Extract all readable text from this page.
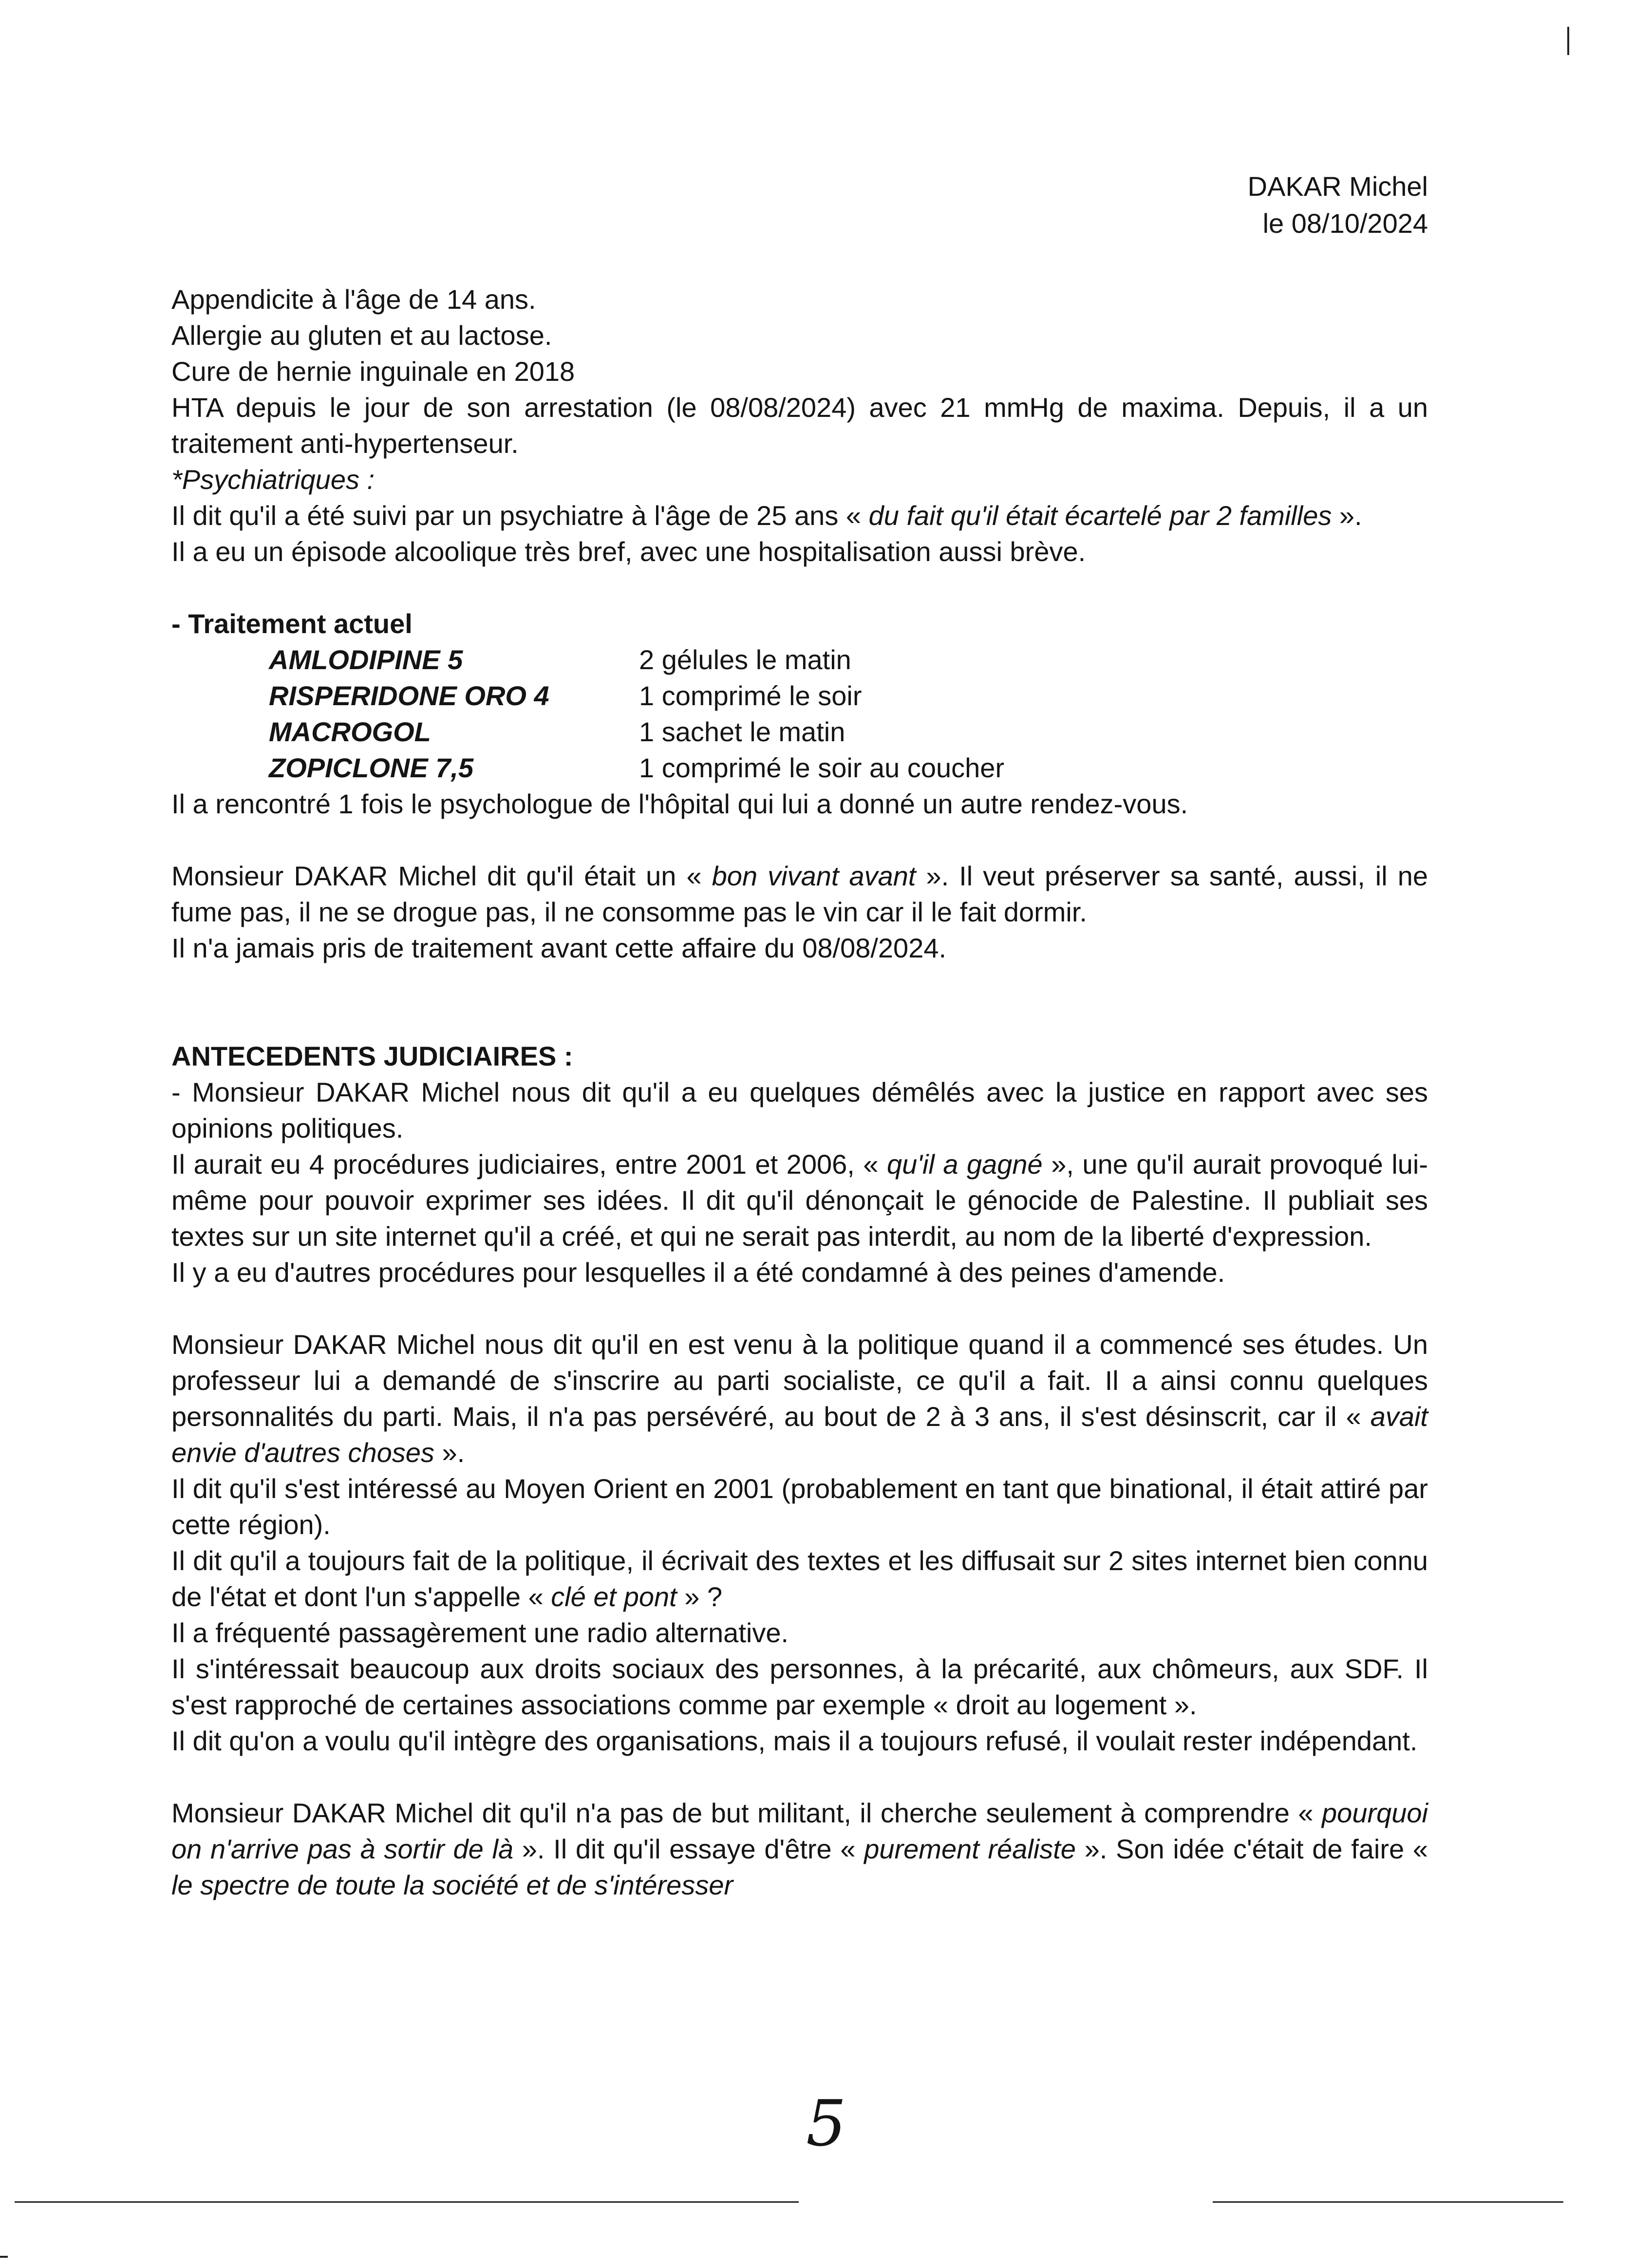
DAKAR Michel
le 08/10/2024

Appendicite à l'âge de 14 ans.

Allergie au gluten et au lactose.

Cure de hernie inguinale en 2018

HTA depuis le jour de son arrestation (le 08/08/2024) avec 21 mmHg de maxima. Depuis, il a un traitement anti-hypertenseur.

*Psychiatriques :

Il dit qu'il a été suivi par un psychiatre à l'âge de 25 ans « du fait qu'il était écartelé par 2 familles ».

Il a eu un épisode alcoolique très bref, avec une hospitalisation aussi brève.

- Traitement actuel

AMLODIPINE 5	2 gélules le matin
RISPERIDONE ORO 4	1 comprimé le soir
MACROGOL	1 sachet le matin
ZOPICLONE 7,5	1 comprimé le soir au coucher

Il a rencontré 1 fois le psychologue de l'hôpital qui lui a donné un autre rendez-vous.

Monsieur DAKAR Michel dit qu'il était un « bon vivant avant ». Il veut préserver sa santé, aussi, il ne fume pas, il ne se drogue pas, il ne consomme pas le vin car il le fait dormir.

Il n'a jamais pris de traitement avant cette affaire du 08/08/2024.

ANTECEDENTS JUDICIAIRES :

- Monsieur DAKAR Michel nous dit qu'il a eu quelques démêlés avec la justice en rapport avec ses opinions politiques.

Il aurait eu 4 procédures judiciaires, entre 2001 et 2006, « qu'il a gagné », une qu'il aurait provoqué lui-même pour pouvoir exprimer ses idées. Il dit qu'il dénonçait le génocide de Palestine. Il publiait ses textes sur un site internet qu'il a créé, et qui ne serait pas interdit, au nom de la liberté d'expression.

Il y a eu d'autres procédures pour lesquelles il a été condamné à des peines d'amende.

Monsieur DAKAR Michel nous dit qu'il en est venu à la politique quand il a commencé ses études. Un professeur lui a demandé de s'inscrire au parti socialiste, ce qu'il a fait. Il a ainsi connu quelques personnalités du parti. Mais, il n'a pas persévéré, au bout de 2 à 3 ans, il s'est désinscrit, car il « avait envie d'autres choses ».

Il dit qu'il s'est intéressé au Moyen Orient en 2001 (probablement en tant que binational, il était attiré par cette région).

Il dit qu'il a toujours fait de la politique, il écrivait des textes et les diffusait sur 2 sites internet bien connu de l'état et dont l'un s'appelle « clé et pont » ?

Il a fréquenté passagèrement une radio alternative.

Il s'intéressait beaucoup aux droits sociaux des personnes, à la précarité, aux chômeurs, aux SDF. Il s'est rapproché de certaines associations comme par exemple « droit au logement ».

Il dit qu'on a voulu qu'il intègre des organisations, mais il a toujours refusé, il voulait rester indépendant.

Monsieur DAKAR Michel dit qu'il n'a pas de but militant, il cherche seulement à comprendre « pourquoi on n'arrive pas à sortir de là ». Il dit qu'il essaye d'être « purement réaliste ». Son idée c'était de faire « le spectre de toute la société et de s'intéresser

5
